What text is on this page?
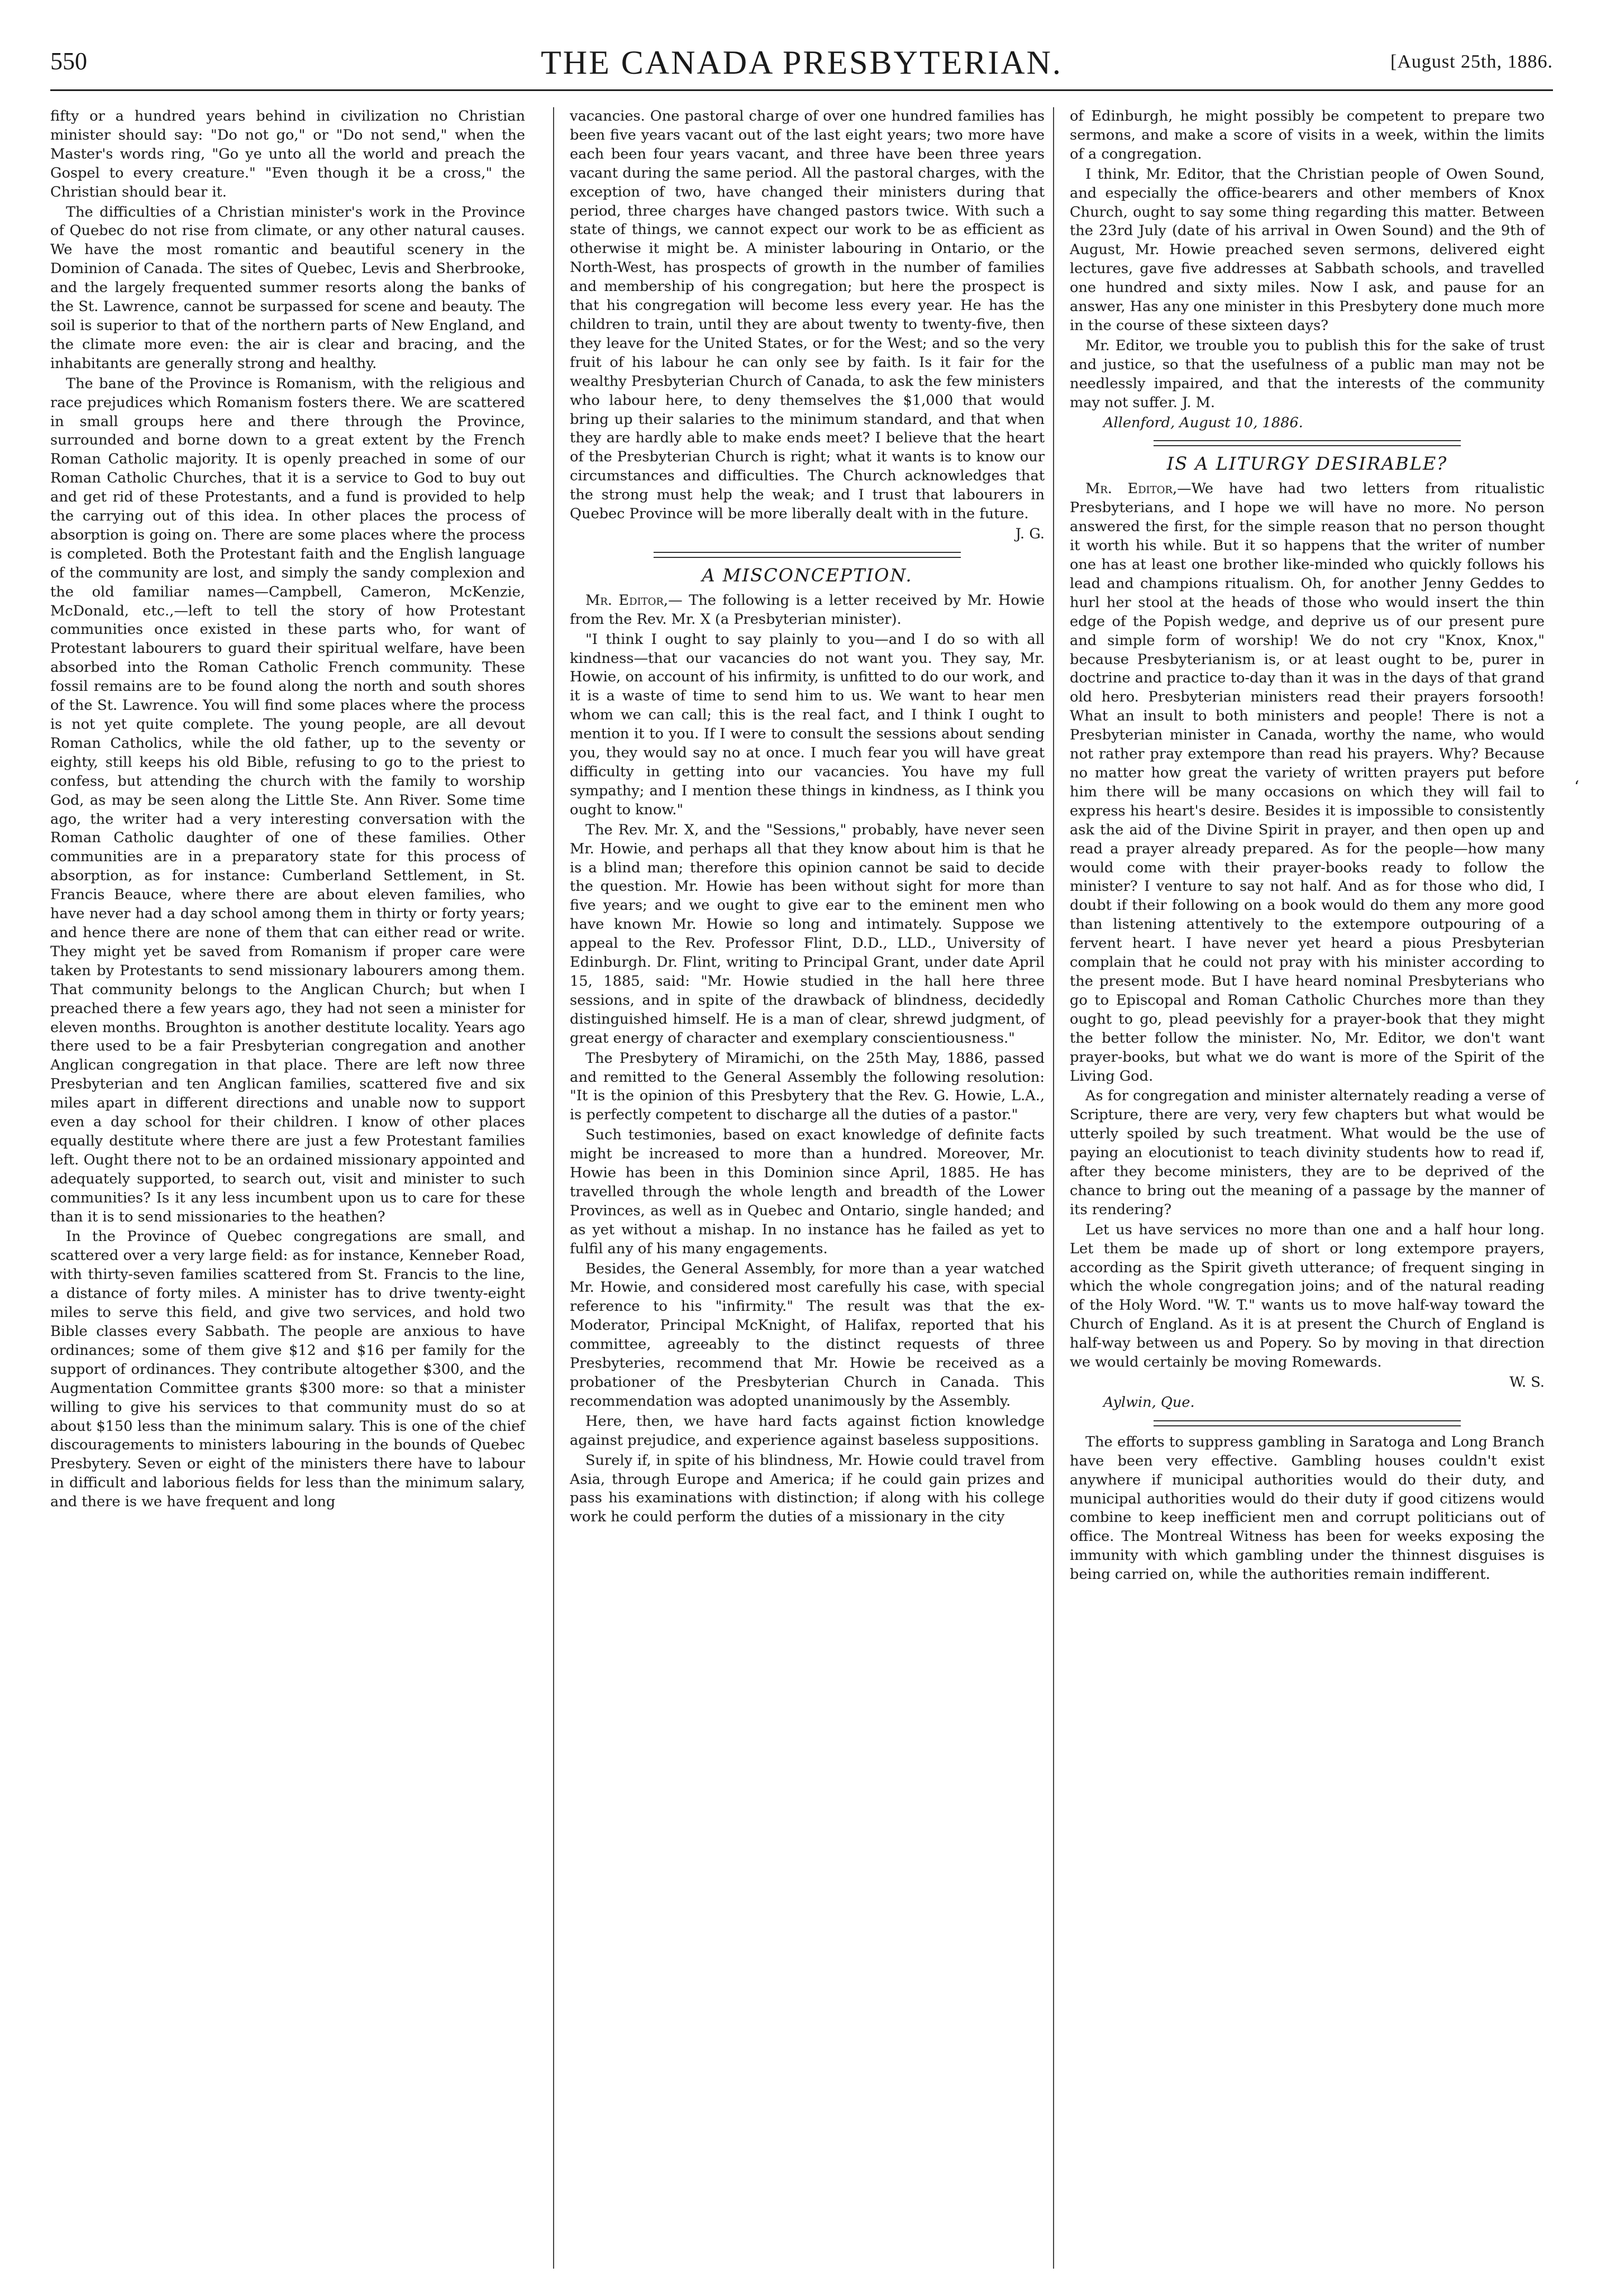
550	THE CANADA PRESBYTERIAN.	[August 25th, 1886.

fifty or a hundred years behind in civilization no Christian minister should say: "Do not go," or "Do not send," when the Master's words ring, "Go ye unto all the world and preach the Gospel to every creature." "Even though it be a cross," the Christian should bear it.

The difficulties of a Christian minister's work in the Province of Quebec do not rise from climate, or any other natural causes. We have the most romantic and beautiful scenery in the Dominion of Canada. The sites of Quebec, Levis and Sherbrooke, and the largely frequented summer resorts along the banks of the St. Lawrence, cannot be surpassed for scene and beauty. The soil is superior to that of the northern parts of New England, and the climate more even: the air is clear and bracing, and the inhabitants are generally strong and healthy.

The bane of the Province is Romanism, with the religious and race prejudices which Romanism fosters there. We are scattered in small groups here and there through the Province, surrounded and borne down to a great extent by the French Roman Catholic majority. It is openly preached in some of our Roman Catholic Churches, that it is a service to God to buy out and get rid of these Protestants, and a fund is provided to help the carrying out of this idea. In other places the process of absorption is going on. There are some places where the process is completed. Both the Protestant faith and the English language of the community are lost, and simply the sandy complexion and the old familiar names—Campbell, Cameron, McKenzie, McDonald, etc.,—left to tell the story of how Protestant communities once existed in these parts who, for want of Protestant labourers to guard their spiritual welfare, have been absorbed into the Roman Catholic French community. These fossil remains are to be found along the north and south shores of the St. Lawrence. You will find some places where the process is not yet quite complete. The young people, are all devout Roman Catholics, while the old father, up to the seventy or eighty, still keeps his old Bible, refusing to go to the priest to confess, but attending the church with the family to worship God, as may be seen along the Little Ste. Ann River. Some time ago, the writer had a very interesting conversation with the Roman Catholic daughter of one of these families. Other communities are in a preparatory state for this process of absorption, as for instance: Cumberland Settlement, in St. Francis Beauce, where there are about eleven families, who have never had a day school among them in thirty or forty years; and hence there are none of them that can either read or write. They might yet be saved from Romanism if proper care were taken by Protestants to send missionary labourers among them. That community belongs to the Anglican Church; but when I preached there a few years ago, they had not seen a minister for eleven months. Broughton is another destitute locality. Years ago there used to be a fair Presbyterian congregation and another Anglican congregation in that place. There are left now three Presbyterian and ten Anglican families, scattered five and six miles apart in different directions and unable now to support even a day school for their children. I know of other places equally destitute where there are just a few Protestant families left. Ought there not to be an ordained missionary appointed and adequately supported, to search out, visit and minister to such communities? Is it any less incumbent upon us to care for these than it is to send missionaries to the heathen?

In the Province of Quebec congregations are small, and scattered over a very large field: as for instance, Kenneber Road, with thirty-seven families scattered from St. Francis to the line, a distance of forty miles. A minister has to drive twenty-eight miles to serve this field, and give two services, and hold two Bible classes every Sabbath. The people are anxious to have ordinances; some of them give $12 and $16 per family for the support of ordinances. They contribute altogether $300, and the Augmentation Committee grants $300 more: so that a minister willing to give his services to that community must do so at about $150 less than the minimum salary. This is one of the chief discouragements to ministers labouring in the bounds of Quebec Presbytery. Seven or eight of the ministers there have to labour in difficult and laborious fields for less than the minimum salary, and there is we have frequent and long

vacancies. One pastoral charge of over one hundred families has been five years vacant out of the last eight years; two more have each been four years vacant, and three have been three years vacant during the same period. All the pastoral charges, with the exception of two, have changed their ministers during that period, three charges have changed pastors twice. With such a state of things, we cannot expect our work to be as efficient as otherwise it might be. A minister labouring in Ontario, or the North-West, has prospects of growth in the number of families and membership of his congregation; but here the prospect is that his congregation will become less every year. He has the children to train, until they are about twenty to twenty-five, then they leave for the United States, or for the West; and so the very fruit of his labour he can only see by faith. Is it fair for the wealthy Presbyterian Church of Canada, to ask the few ministers who labour here, to deny themselves the $1,000 that would bring up their salaries to the minimum standard, and that when they are hardly able to make ends meet? I believe that the heart of the Presbyterian Church is right; what it wants is to know our circumstances and difficulties. The Church acknowledges that the strong must help the weak; and I trust that labourers in Quebec Province will be more liberally dealt with in the future.

J. G.

A MISCONCEPTION.

Mr. Editor,— The following is a letter received by Mr. Howie from the Rev. Mr. X (a Presbyterian minister).

"I think I ought to say plainly to you—and I do so with all kindness—that our vacancies do not want you. They say, Mr. Howie, on account of his infirmity, is unfitted to do our work, and it is a waste of time to send him to us. We want to hear men whom we can call; this is the real fact, and I think I ought to mention it to you. If I were to consult the sessions about sending you, they would say no at once. I much fear you will have great difficulty in getting into our vacancies. You have my full sympathy; and I mention these things in kindness, as I think you ought to know."

The Rev. Mr. X, and the "Sessions," probably, have never seen Mr. Howie, and perhaps all that they know about him is that he is a blind man; therefore this opinion cannot be said to decide the question. Mr. Howie has been without sight for more than five years; and we ought to give ear to the eminent men who have known Mr. Howie so long and intimately. Suppose we appeal to the Rev. Professor Flint, D.D., LLD., University of Edinburgh. Dr. Flint, writing to Principal Grant, under date April 15, 1885, said: "Mr. Howie studied in the hall here three sessions, and in spite of the drawback of blindness, decidedly distinguished himself. He is a man of clear, shrewd judgment, of great energy of character and exemplary conscientiousness."

The Presbytery of Miramichi, on the 25th May, 1886, passed and remitted to the General Assembly the following resolution: "It is the opinion of this Presbytery that the Rev. G. Howie, L.A., is perfectly competent to discharge all the duties of a pastor."

Such testimonies, based on exact knowledge of definite facts might be increased to more than a hundred. Moreover, Mr. Howie has been in this Dominion since April, 1885. He has travelled through the whole length and breadth of the Lower Provinces, as well as in Quebec and Ontario, single handed; and as yet without a mishap. In no instance has he failed as yet to fulfil any of his many engagements.

Besides, the General Assembly, for more than a year watched Mr. Howie, and considered most carefully his case, with special reference to his "infirmity." The result was that the ex-Moderator, Principal McKnight, of Halifax, reported that his committee, agreeably to the distinct requests of three Presbyteries, recommend that Mr. Howie be received as a probationer of the Presbyterian Church in Canada. This recommendation was adopted unanimously by the Assembly.

Here, then, we have hard facts against fiction knowledge against prejudice, and experience against baseless suppositions.

Surely if, in spite of his blindness, Mr. Howie could travel from Asia, through Europe and America; if he could gain prizes and pass his examinations with distinction; if along with his college work he could perform the duties of a missionary in the city

of Edinburgh, he might possibly be competent to prepare two sermons, and make a score of visits in a week, within the limits of a congregation.

I think, Mr. Editor, that the Christian people of Owen Sound, and especially the office-bearers and other members of Knox Church, ought to say some thing regarding this matter. Between the 23rd July (date of his arrival in Owen Sound) and the 9th of August, Mr. Howie preached seven sermons, delivered eight lectures, gave five addresses at Sabbath schools, and travelled one hundred and sixty miles. Now I ask, and pause for an answer, Has any one minister in this Presbytery done much more in the course of these sixteen days?

Mr. Editor, we trouble you to publish this for the sake of trust and justice, so that the usefulness of a public man may not be needlessly impaired, and that the interests of the community may not suffer. J. M.

Allenford, August 10, 1886.

IS A LITURGY DESIRABLE?

Mr. Editor,—We have had two letters from ritualistic Presbyterians, and I hope we will have no more. No person answered the first, for the simple reason that no person thought it worth his while. But it so happens that the writer of number one has at least one brother like-minded who quickly follows his lead and champions ritualism. Oh, for another Jenny Geddes to hurl her stool at the heads of those who would insert the thin edge of the Popish wedge, and deprive us of our present pure and simple form of worship! We do not cry "Knox, Knox," because Presbyterianism is, or at least ought to be, purer in doctrine and practice to-day than it was in the days of that grand old hero. Presbyterian ministers read their prayers forsooth! What an insult to both ministers and people! There is not a Presbyterian minister in Canada, worthy the name, who would not rather pray extempore than read his prayers. Why? Because no matter how great the variety of written prayers put before him there will be many occasions on which they will fail to express his heart's desire. Besides it is impossible to consistently ask the aid of the Divine Spirit in prayer, and then open up and read a prayer already prepared. As for the people—how many would come with their prayer-books ready to follow the minister? I venture to say not half. And as for those who did, I doubt if their following on a book would do them any more good than listening attentively to the extempore outpouring of a fervent heart. I have never yet heard a pious Presbyterian complain that he could not pray with his minister according to the present mode. But I have heard nominal Presbyterians who go to Episcopal and Roman Catholic Churches more than they ought to go, plead peevishly for a prayer-book that they might the better follow the minister. No, Mr. Editor, we don't want prayer-books, but what we do want is more of the Spirit of the Living God.

As for congregation and minister alternately reading a verse of Scripture, there are very, very few chapters but what would be utterly spoiled by such treatment. What would be the use of paying an elocutionist to teach divinity students how to read if, after they become ministers, they are to be deprived of the chance to bring out the meaning of a passage by the manner of its rendering?

Let us have services no more than one and a half hour long. Let them be made up of short or long extempore prayers, according as the Spirit giveth utterance; of frequent singing in which the whole congregation joins; and of the natural reading of the Holy Word. "W. T." wants us to move half-way toward the Church of England. As it is at present the Church of England is half-way between us and Popery. So by moving in that direction we would certainly be moving Romewards.

W. S.

Aylwin, Que.

The efforts to suppress gambling in Saratoga and Long Branch have been very effective. Gambling houses couldn't exist anywhere if municipal authorities would do their duty, and municipal authorities would do their duty if good citizens would combine to keep inefficient men and corrupt politicians out of office. The Montreal Witness has been for weeks exposing the immunity with which gambling under the thinnest disguises is being carried on, while the authorities remain indifferent.

‘
